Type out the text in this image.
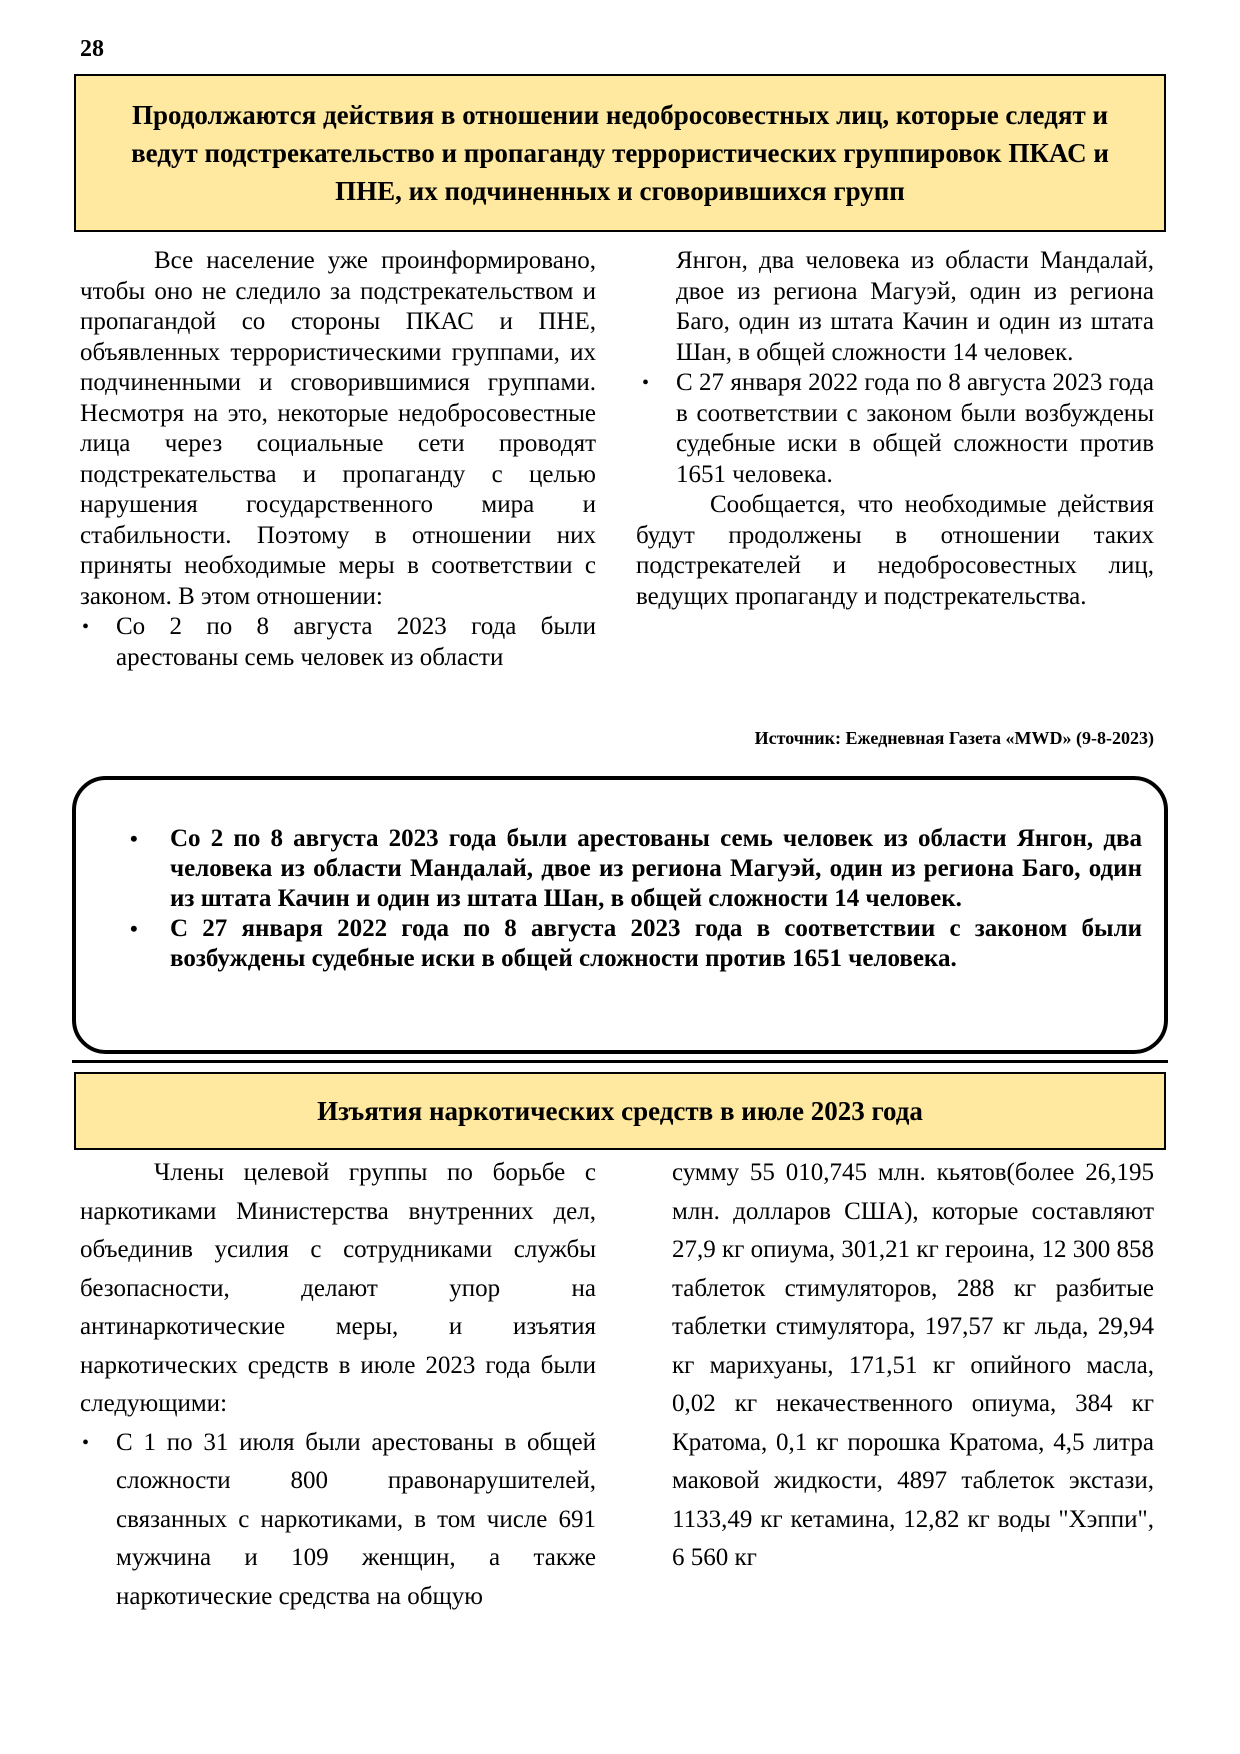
28
Продолжаются действия в отношении недобросовестных лиц, которые следят и ведут подстрекательство и пропаганду террористических группировок ПКАС и ПНЕ, их подчиненных и сговорившихся групп

Все население уже проинформировано, чтобы оно не следило за подстрекательством и пропагандой со стороны ПКАС и ПНЕ, объявленных террористическими группами, их подчиненными и сговорившимися группами. Несмотря на это, некоторые недобросовестные лица через социальные сети проводят подстрекательства и пропаганду с целью нарушения государственного мира и стабильности. Поэтому в отношении них приняты необходимые меры в соответствии с законом. В этом отношении:

• Со 2 по 8 августа 2023 года были арестованы семь человек из области

Янгон, два человека из области Мандалай, двое из региона Магуэй, один из региона Баго, один из штата Качин и один из штата Шан, в общей сложности 14 человек.

• С 27 января 2022 года по 8 августа 2023 года в соответствии с законом были возбуждены судебные иски в общей сложности против 1651 человека.

Сообщается, что необходимые действия будут продолжены в отношении таких подстрекателей и недобросовестных лиц, ведущих пропаганду и подстрекательства.

Источник: Ежедневная Газета «MWD» (9-8-2023)
• Со 2 по 8 августа 2023 года были арестованы семь человек из области Янгон, два человека из области Мандалай, двое из региона Магуэй, один из региона Баго, один из штата Качин и один из штата Шан, в общей сложности 14 человек.
• С 27 января 2022 года по 8 августа 2023 года в соответствии с законом были возбуждены судебные иски в общей сложности против 1651 человека.
Изъятия наркотических средств в июле 2023 года

Члены целевой группы по борьбе с наркотиками Министерства внутренних дел, объединив усилия с сотрудниками службы безопасности, делают упор на антинаркотические меры, и изъятия наркотических средств в июле 2023 года были следующими:

• С 1 по 31 июля были арестованы в общей сложности 800 правонарушителей, связанных с наркотиками, в том числе 691 мужчина и 109 женщин, а также наркотические средства на общую

сумму 55 010,745 млн. кьятов(более 26,195 млн. долларов США), которые составляют 27,9 кг опиума, 301,21 кг героина, 12 300 858 таблеток стимуляторов, 288 кг разбитые таблетки стимулятора, 197,57 кг льда, 29,94 кг марихуаны, 171,51 кг опийного масла, 0,02 кг некачественного опиума, 384 кг Кратома, 0,1 кг порошка Кратома, 4,5 литра маковой жидкости, 4897 таблеток экстази, 1133,49 кг кетамина, 12,82 кг воды "Хэппи", 6 560 кг
